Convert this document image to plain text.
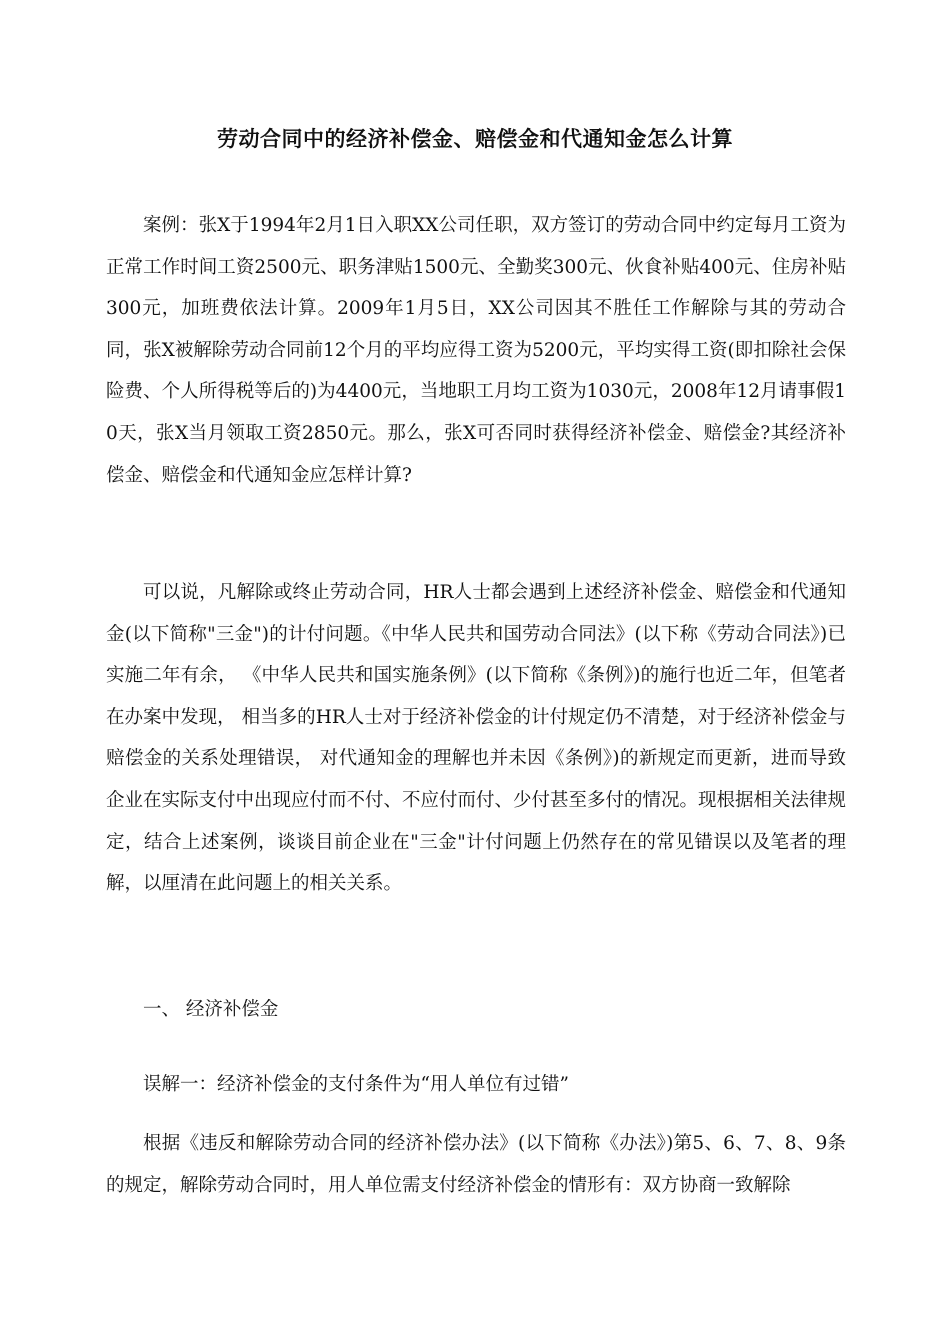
劳动合同中的经济补偿金、赔偿金和代通知金怎么计算

案例：张X于1994年2月1日入职XX公司任职，双方签订的劳动合同中约定每月工资为正常工作时间工资2500元、职务津贴1500元、全勤奖300元、伙食补贴400元、住房补贴300元，加班费依法计算。2009年1月5日，XX公司因其不胜任工作解除与其的劳动合同，张X被解除劳动合同前12个月的平均应得工资为5200元，平均实得工资(即扣除社会保险费、个人所得税等后的)为4400元，当地职工月均工资为1030元，2008年12月请事假10天，张X当月领取工资2850元。那么，张X可否同时获得经济补偿金、赔偿金?其经济补偿金、赔偿金和代通知金应怎样计算?

可以说，凡解除或终止劳动合同，HR人士都会遇到上述经济补偿金、赔偿金和代通知金(以下简称"三金")的计付问题。《中华人民共和国劳动合同法》(以下称《劳动合同法》)已实施二年有余， 《中华人民共和国实施条例》(以下简称《条例》)的施行也近二年，但笔者在办案中发现， 相当多的HR人士对于经济补偿金的计付规定仍不清楚，对于经济补偿金与赔偿金的关系处理错误， 对代通知金的理解也并未因《条例》)的新规定而更新，进而导致企业在实际支付中出现应付而不付、不应付而付、少付甚至多付的情况。现根据相关法律规定，结合上述案例，谈谈目前企业在"三金"计付问题上仍然存在的常见错误以及笔者的理解，以厘清在此问题上的相关关系。

一、 经济补偿金

误解一：经济补偿金的支付条件为“用人单位有过错”

根据《违反和解除劳动合同的经济补偿办法》(以下简称《办法》)第5、6、7、8、9条的规定，解除劳动合同时，用人单位需支付经济补偿金的情形有：双方协商一致解除
